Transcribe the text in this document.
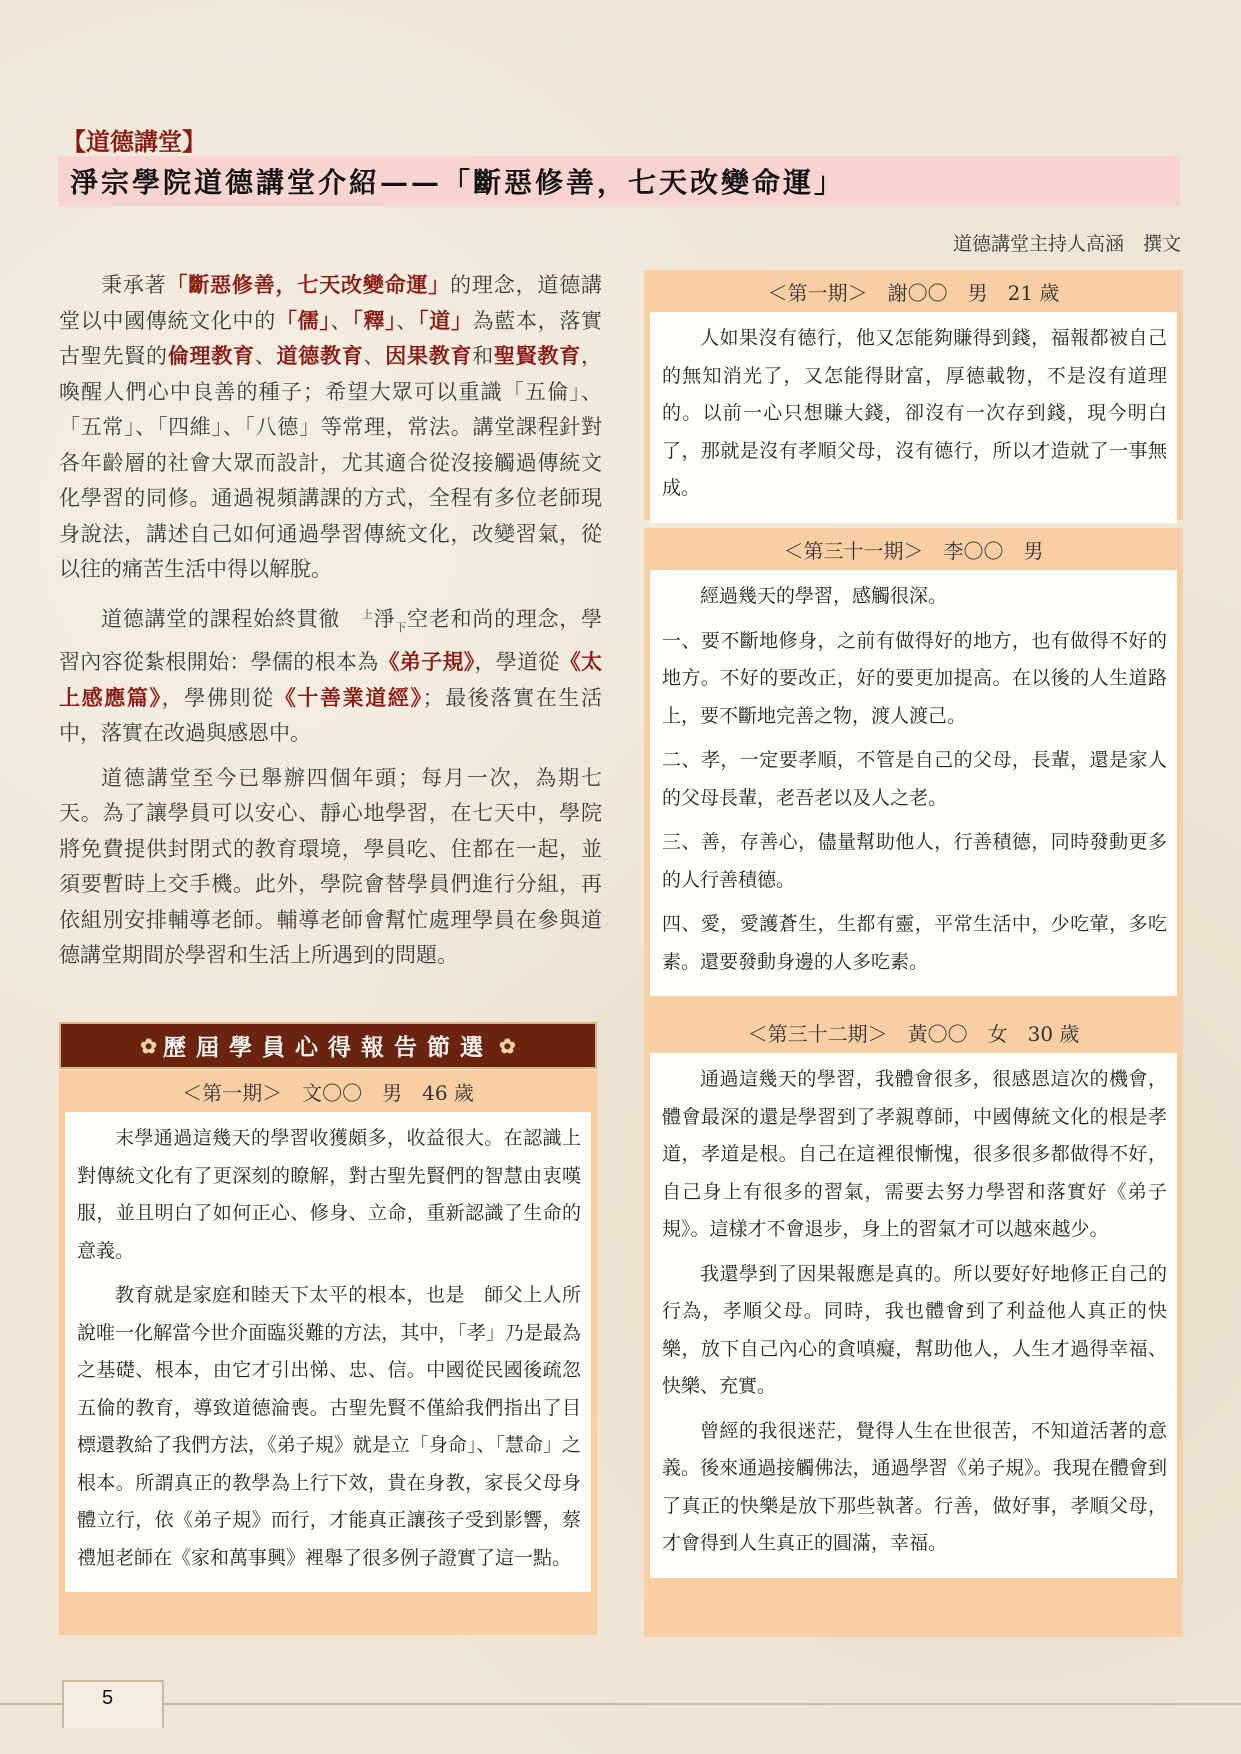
【道德講堂】
淨宗學院道德講堂介紹——「斷惡修善，七天改變命運」
道德講堂主持人高涵　撰文

秉承著「斷惡修善，七天改變命運」的理念，道德講堂以中國傳統文化中的「儒」、「釋」、「道」為藍本，落實古聖先賢的倫理教育、道德教育、因果教育和聖賢教育，喚醒人們心中良善的種子；希望大眾可以重識「五倫」、「五常」、「四維」、「八德」等常理，常法。講堂課程針對各年齡層的社會大眾而設計，尤其適合從沒接觸過傳統文化學習的同修。通過視頻講課的方式，全程有多位老師現身說法，講述自己如何通過學習傳統文化，改變習氣，從以往的痛苦生活中得以解脫。

道德講堂的課程始終貫徹　$^上$淨$_下$空老和尚的理念，學習內容從紮根開始：學儒的根本為《弟子規》，學道從《太上感應篇》，學佛則從《十善業道經》；最後落實在生活中，落實在改過與感恩中。

道德講堂至今已舉辦四個年頭；每月一次，為期七天。為了讓學員可以安心、靜心地學習，在七天中，學院將免費提供封閉式的教育環境，學員吃、住都在一起，並須要暫時上交手機。此外，學院會替學員們進行分組，再依組別安排輔導老師。輔導老師會幫忙處理學員在參與道德講堂期間於學習和生活上所遇到的問題。

✿ 歷屆學員心得報告節選 ✿
＜第一期＞　文〇〇　男　46 歲

末學通過這幾天的學習收獲頗多，收益很大。在認識上對傳統文化有了更深刻的瞭解，對古聖先賢們的智慧由衷嘆服，並且明白了如何正心、修身、立命，重新認識了生命的意義。

教育就是家庭和睦天下太平的根本，也是　師父上人所說唯一化解當今世介面臨災難的方法，其中，「孝」乃是最為之基礎、根本，由它才引出悌、忠、信。中國從民國後疏忽五倫的教育，導致道德淪喪。古聖先賢不僅給我們指出了目標還教給了我們方法，《弟子規》就是立「身命」、「慧命」之根本。所謂真正的教學為上行下效，貴在身教，家長父母身體立行，依《弟子規》而行，才能真正讓孩子受到影響，蔡禮旭老師在《家和萬事興》裡舉了很多例子證實了這一點。

＜第一期＞　謝〇〇　男　21 歲

人如果沒有德行，他又怎能夠賺得到錢，福報都被自己的無知消光了，又怎能得財富，厚德載物，不是沒有道理的。以前一心只想賺大錢，卻沒有一次存到錢，現今明白了，那就是沒有孝順父母，沒有德行，所以才造就了一事無成。

＜第三十一期＞　李〇〇　男

經過幾天的學習，感觸很深。

一、要不斷地修身，之前有做得好的地方，也有做得不好的地方。不好的要改正，好的要更加提高。在以後的人生道路上，要不斷地完善之物，渡人渡己。

二、孝，一定要孝順，不管是自己的父母，長輩，還是家人的父母長輩，老吾老以及人之老。

三、善，存善心，儘量幫助他人，行善積德，同時發動更多的人行善積德。

四、愛，愛護蒼生，生都有靈，平常生活中，少吃葷，多吃素。還要發動身邊的人多吃素。

＜第三十二期＞　黃〇〇　女　30 歲

通過這幾天的學習，我體會很多，很感恩這次的機會，體會最深的還是學習到了孝親尊師，中國傳統文化的根是孝道，孝道是根。自己在這裡很慚愧，很多很多都做得不好，自己身上有很多的習氣，需要去努力學習和落實好《弟子規》。這樣才不會退步，身上的習氣才可以越來越少。

我還學到了因果報應是真的。所以要好好地修正自己的行為，孝順父母。同時，我也體會到了利益他人真正的快樂，放下自己內心的貪嗔癡，幫助他人，人生才過得幸福、快樂、充實。

曾經的我很迷茫，覺得人生在世很苦，不知道活著的意義。後來通過接觸佛法，通過學習《弟子規》。我現在體會到了真正的快樂是放下那些執著。行善，做好事，孝順父母，才會得到人生真正的圓滿，幸福。

5
